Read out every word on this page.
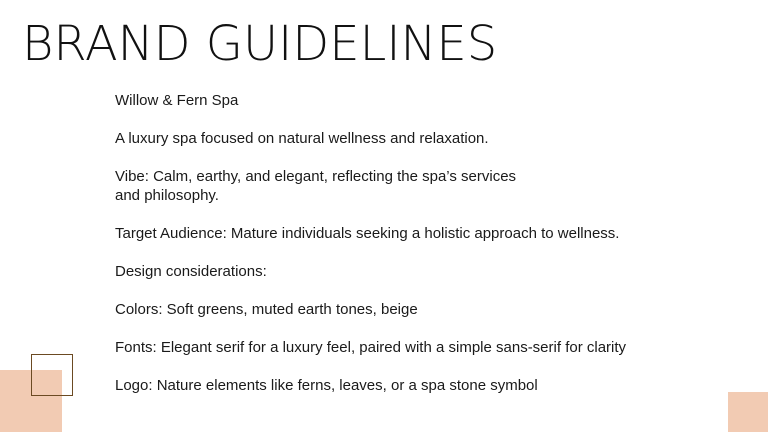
BRAND GUIDELINES

Willow & Fern Spa

A luxury spa focused on natural wellness and relaxation.

Vibe: Calm, earthy, and elegant, reflecting the spa’s services and philosophy.

Target Audience: Mature individuals seeking a holistic approach to wellness.

Design considerations:

Colors: Soft greens, muted earth tones, beige

Fonts: Elegant serif for a luxury feel, paired with a simple sans-serif for clarity

Logo: Nature elements like ferns, leaves, or a spa stone symbol
